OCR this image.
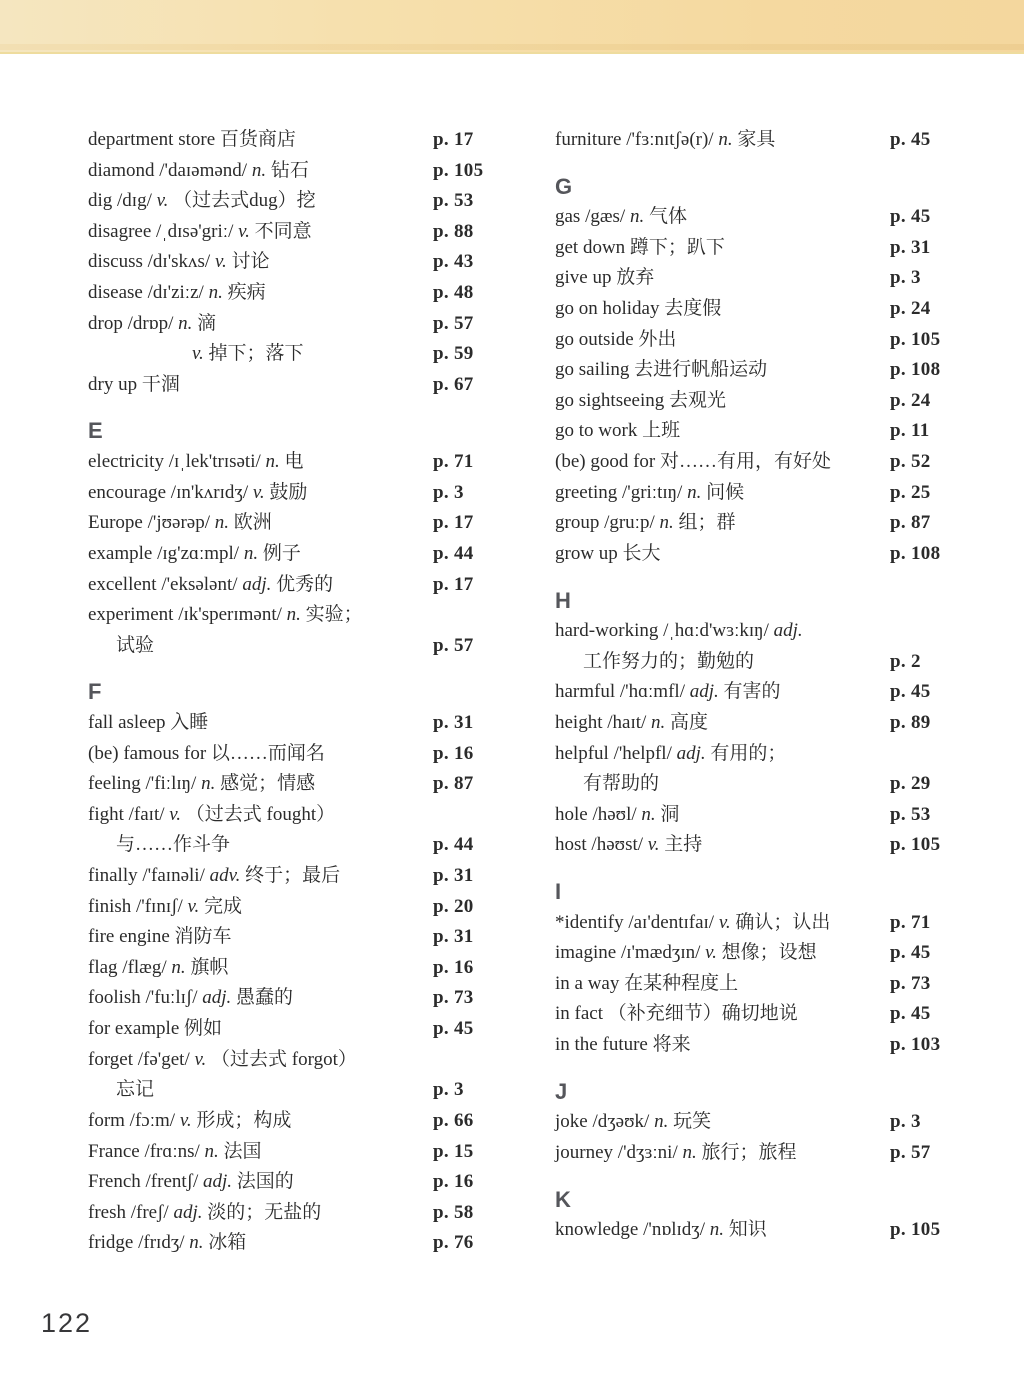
department store 百货商店	p. 17
diamond /'daɪəmənd/ n. 钻石	p. 105
dig /dɪg/ v. （过去式dug）挖	p. 53
disagree /ˌdɪsə'griː/ v. 不同意	p. 88
discuss /dɪ'skʌs/ v. 讨论	p. 43
disease /dɪ'ziːz/ n. 疾病	p. 48
drop /drɒp/ n. 滴	p. 57
v. 掉下；落下	p. 59
dry up 干涸	p. 67
E
electricity /ɪˌlek'trɪsəti/ n. 电	p. 71
encourage /ɪn'kʌrɪdʒ/ v. 鼓励	p. 3
Europe /'jʊərəp/ n. 欧洲	p. 17
example /ɪg'zɑːmpl/ n. 例子	p. 44
excellent /'eksələnt/ adj. 优秀的	p. 17
experiment /ɪk'sperɪmənt/ n. 实验；
试验	p. 57
F
fall asleep 入睡	p. 31
(be) famous for 以……而闻名	p. 16
feeling /'fiːlɪŋ/ n. 感觉；情感	p. 87
fight /faɪt/ v. （过去式 fought）
与……作斗争	p. 44
finally /'faɪnəli/ adv. 终于；最后	p. 31
finish /'fɪnɪʃ/ v. 完成	p. 20
fire engine 消防车	p. 31
flag /flæg/ n. 旗帜	p. 16
foolish /'fuːlɪʃ/ adj. 愚蠢的	p. 73
for example 例如	p. 45
forget /fə'get/ v. （过去式 forgot）
忘记	p. 3
form /fɔːm/ v. 形成；构成	p. 66
France /frɑːns/ n. 法国	p. 15
French /frentʃ/ adj. 法国的	p. 16
fresh /freʃ/ adj. 淡的；无盐的	p. 58
fridge /frɪdʒ/ n. 冰箱	p. 76
furniture /'fɜːnɪtʃə(r)/ n. 家具	p. 45
G
gas /gæs/ n. 气体	p. 45
get down 蹲下；趴下	p. 31
give up 放弃	p. 3
go on holiday 去度假	p. 24
go outside 外出	p. 105
go sailing 去进行帆船运动	p. 108
go sightseeing 去观光	p. 24
go to work 上班	p. 11
(be) good for 对……有用，有好处	p. 52
greeting /'griːtɪŋ/ n. 问候	p. 25
group /gruːp/ n. 组；群	p. 87
grow up 长大	p. 108
H
hard-working /ˌhɑːd'wɜːkɪŋ/ adj.
工作努力的；勤勉的	p. 2
harmful /'hɑːmfl/ adj. 有害的	p. 45
height /haɪt/ n. 高度	p. 89
helpful /'helpfl/ adj. 有用的；
有帮助的	p. 29
hole /həʊl/ n. 洞	p. 53
host /həʊst/ v. 主持	p. 105
I
*identify /aɪ'dentɪfaɪ/ v. 确认；认出	p. 71
imagine /ɪ'mædʒɪn/ v. 想像；设想	p. 45
in a way 在某种程度上	p. 73
in fact （补充细节）确切地说	p. 45
in the future 将来	p. 103
J
joke /dʒəʊk/ n. 玩笑	p. 3
journey /'dʒɜːni/ n. 旅行；旅程	p. 57
K
knowledge /'nɒlɪdʒ/ n. 知识	p. 105
122
